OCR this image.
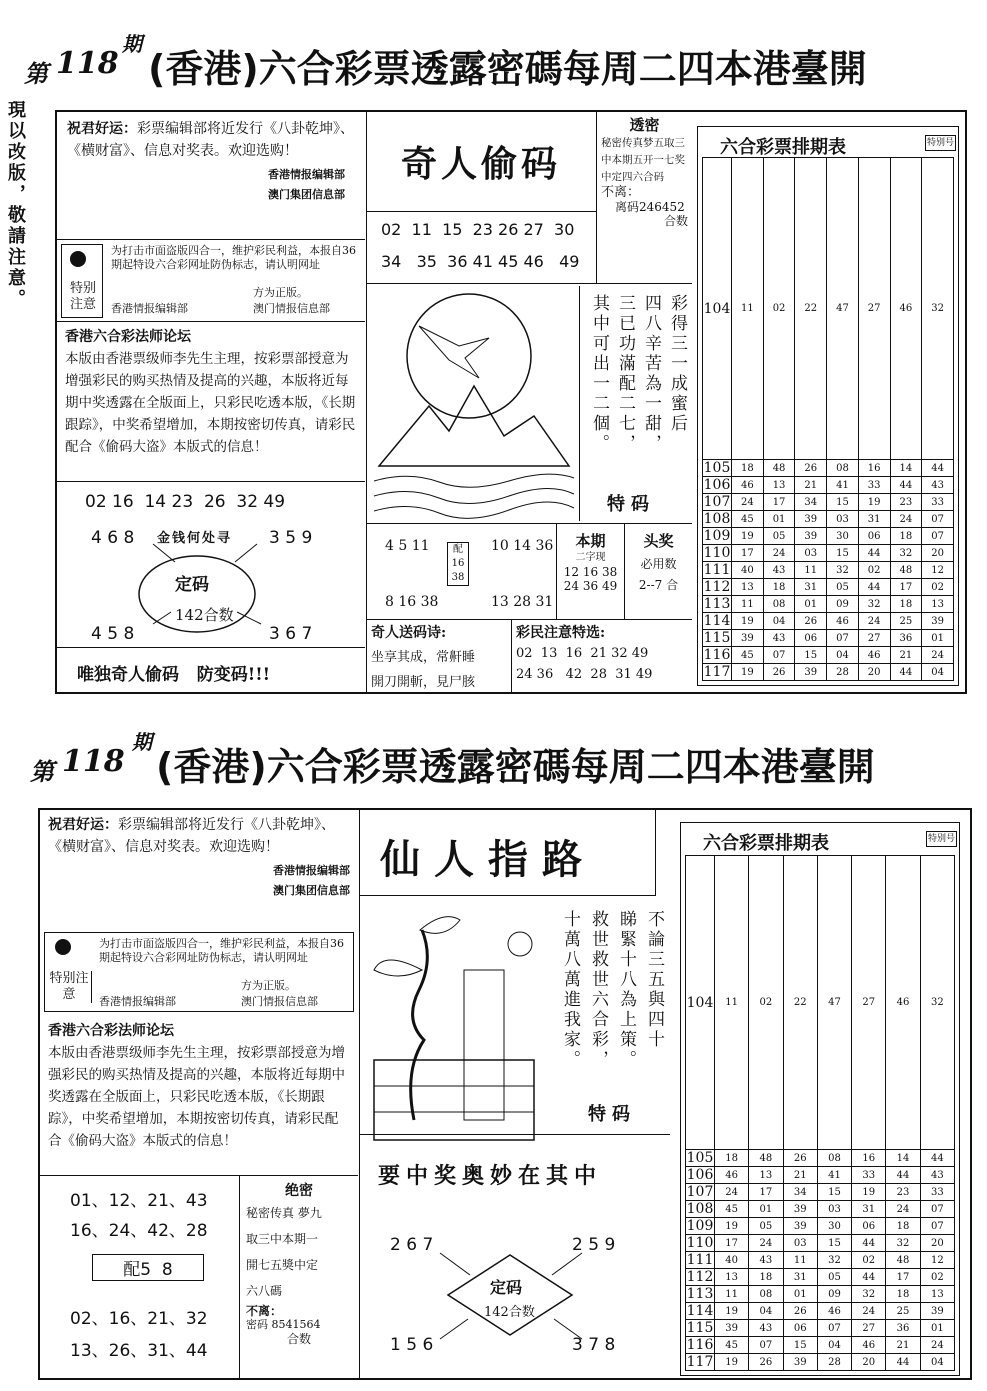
現以改版，敬請注意。
第 118
期
(香港)六合彩票透露密碼每周二四本港臺開
祝君好运：彩票编辑部将近发行《八卦乾坤》、《横财富》、信息对奖表。欢迎选购！
香港情报编辑部
澳门集团信息部
特别注意
为打击市面盗版四合一，维护彩民利益，本报自36期起特设六合彩网址防伪标志，请认明网址
方为正版。
香港情报编辑部	澳门情报信息部
香港六合彩法师论坛
本版由香港票级师李先生主理，按彩票部授意为增强彩民的购买热情及提高的兴趣，本版将近每期中奖透露在全版面上，只彩民吃透本版，《长期跟踪》，中奖希望增加，本期按密切传真，请彩民配合《偷码大盗》本版式的信息！
02 16  14 23  26  32 49
4 6 8	3 5 9
4 5 8	3 6 7
金钱何处寻
定码
142合数
唯独奇人偷码   防变码!!!
奇人偷码
02  11  15  23 26 27  30
34   35  36 41 45 46   49
透密
秘密传真梦五取三中本期五开一七奖中定四六合码
不离：
离码246452
合数
彩得三一成蜜后
四八辛苦為一甜，
三已功滿配二七，
其中可出一二個。
特码
4 5 11
8 16 38
配16 38
10 14 36
13 28 31
本期
二字现
12 16 38
24 36 49
头奖
必用数
2--7 合
奇人送码诗:
坐享其成，常鼾睡
開刀開斬，見尸胲
彩民注意特选:
02  13  16  21 32 49
24 36   42  28  31 49
六合彩票排期表	特别号
104	11	02	22	47	27	46	32
105	18	48	26	08	16	14	44
106	46	13	21	41	33	44	43
107	24	17	34	15	19	23	33
108	45	01	39	03	31	24	07
109	19	05	39	30	06	18	07
110	17	24	03	15	44	32	20
111	40	43	11	32	02	48	12
112	13	18	31	05	44	17	02
113	11	08	01	09	32	18	13
114	19	04	26	46	24	25	39
115	39	43	06	07	27	36	01
116	45	07	15	04	46	21	24
117	19	26	39	28	20	44	04
第 118
期
(香港)六合彩票透露密碼每周二四本港臺開
祝君好运：彩票编辑部将近发行《八卦乾坤》、《横财富》、信息对奖表。欢迎选购！
香港情报编辑部
澳门集团信息部
特别注意
为打击市面盗版四合一，维护彩民利益，本报自36期起特设六合彩网址防伪标志，请认明网址
方为正版。
香港情报编辑部	澳门情报信息部
香港六合彩法师论坛
本版由香港票级师李先生主理，按彩票部授意为增强彩民的购买热情及提高的兴趣，本版将近每期中奖透露在全版面上，只彩民吃透本版，《长期跟踪》，中奖希望增加，本期按密切传真，请彩民配合《偷码大盗》本版式的信息！
01、12、21、43
16、24、42、28
配5  8
02、16、21、32
13、26、31、44
绝密
秘密传真 夢九
取三中本期一
開七五獎中定
六八碼
不离：
密码 8541564
合数
仙人指路
不論三五與四十
睇緊十八為上策。
救世救世六合彩，
十萬八萬進我家。
特码
要中奖奥妙在其中
2 6 7	2 5 9
1 5 6	3 7 8
定码
142合数
六合彩票排期表	特别号
104	11	02	22	47	27	46	32
105	18	48	26	08	16	14	44
106	46	13	21	41	33	44	43
107	24	17	34	15	19	23	33
108	45	01	39	03	31	24	07
109	19	05	39	30	06	18	07
110	17	24	03	15	44	32	20
111	40	43	11	32	02	48	12
112	13	18	31	05	44	17	02
113	11	08	01	09	32	18	13
114	19	04	26	46	24	25	39
115	39	43	06	07	27	36	01
116	45	07	15	04	46	21	24
117	19	26	39	28	20	44	04
